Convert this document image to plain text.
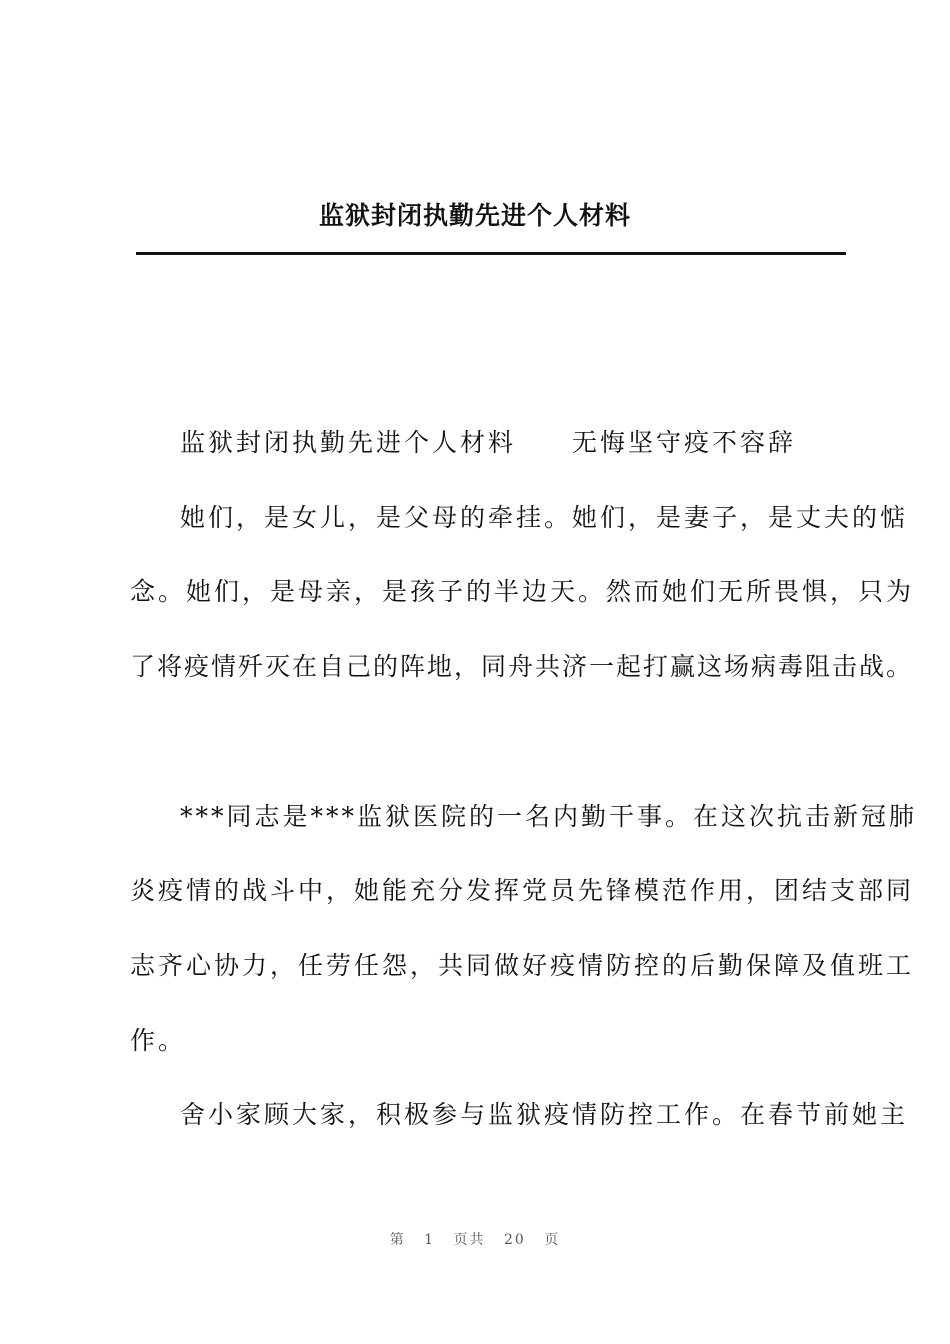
监狱封闭执勤先进个人材料
监狱封闭执勤先进个人材料　　无悔坚守疫不容辞
她们，是女儿，是父母的牵挂。她们，是妻子，是丈夫的惦
念。她们，是母亲，是孩子的半边天。然而她们无所畏惧，只为
了将疫情歼灭在自己的阵地，同舟共济一起打赢这场病毒阻击战。
***同志是***监狱医院的一名内勤干事。在这次抗击新冠肺
炎疫情的战斗中，她能充分发挥党员先锋模范作用，团结支部同
志齐心协力，任劳任怨，共同做好疫情防控的后勤保障及值班工
作。
舍小家顾大家，积极参与监狱疫情防控工作。在春节前她主
第 1 页共 20 页
